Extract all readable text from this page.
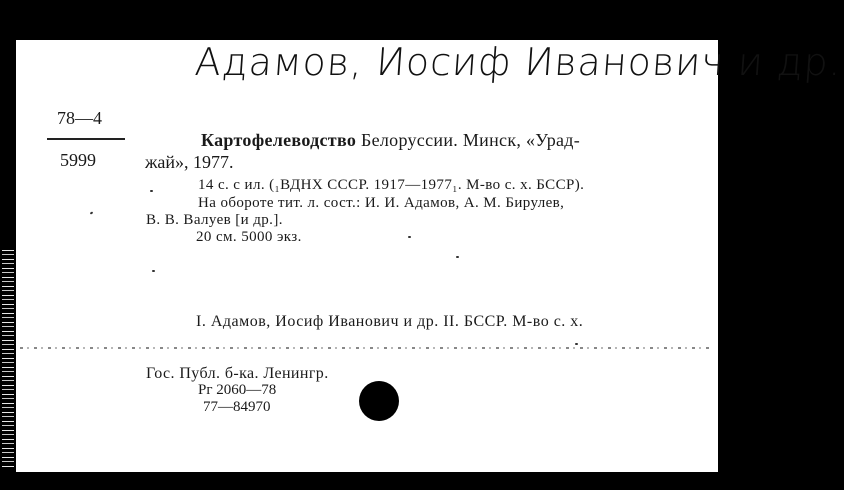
Адамов, Иосиф Иванович и др.
78—4
5999
Картофелеводство Белоруссии. Минск, «Урад-
жай», 1977.
14 с. с ил. (₁ВДНХ СССР. 1917—1977₁. М-во с. х. БССР).
На обороте тит. л. сост.: И. И. Адамов, А. М. Бирулев,
В. В. Валуев [и др.].
20 см. 5000 экз.
I. Адамов, Иосиф Иванович и др. II. БССР. М-во с. х.
Гос. Публ. б-ка. Ленингр.
Рг 2060—78
77—84970
